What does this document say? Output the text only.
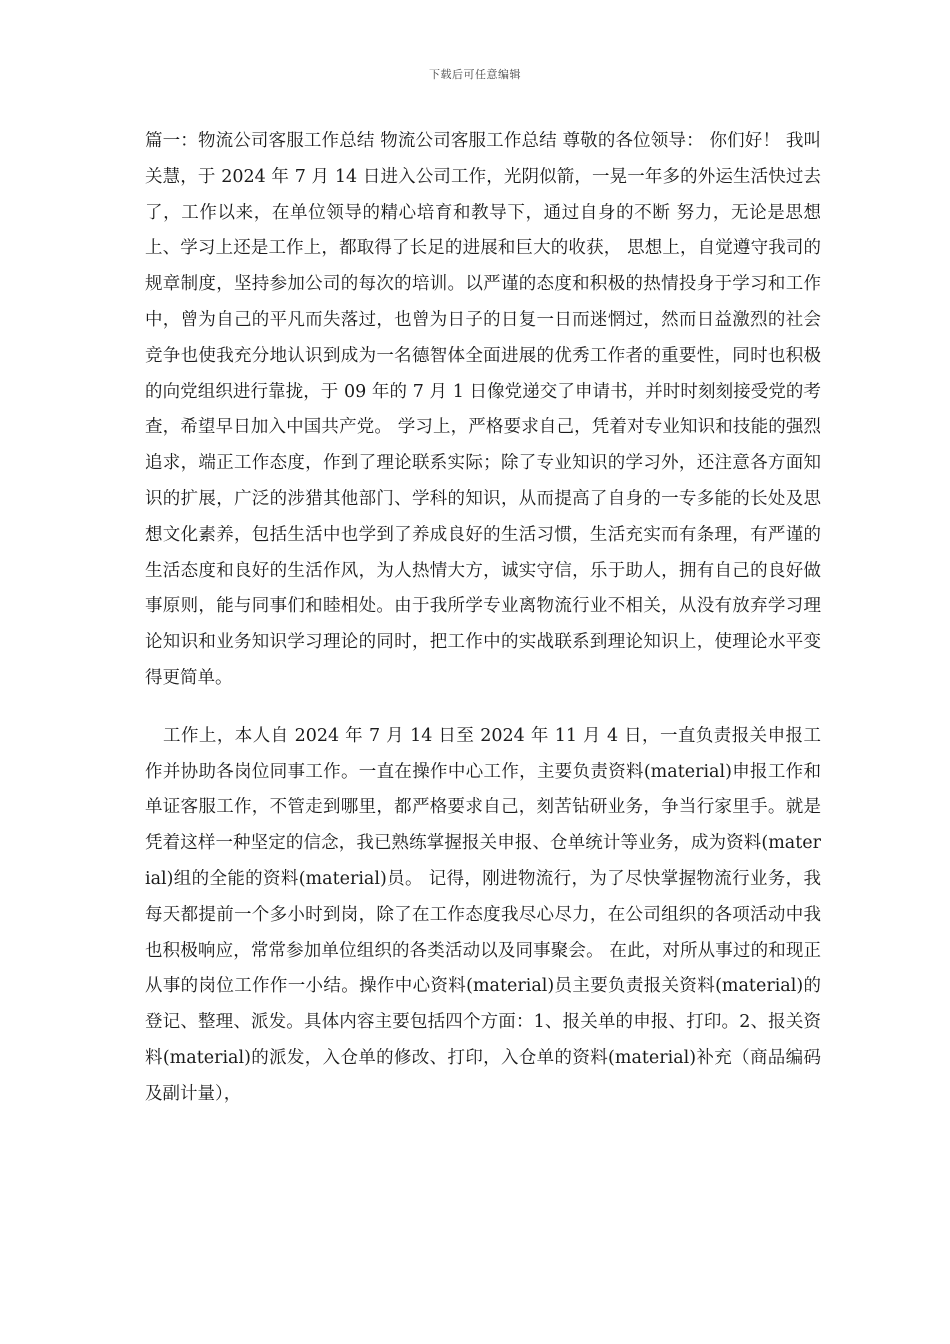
下载后可任意编辑

篇一：物流公司客服工作总结 物流公司客服工作总结 尊敬的各位领导： 你们好！ 我叫关慧，于 2024 年 7 月 14 日进入公司工作，光阴似箭，一晃一年多的外运生活快过去了，工作以来，在单位领导的精心培育和教导下，通过自身的不断 努力，无论是思想上、学习上还是工作上，都取得了长足的进展和巨大的收获， 思想上，自觉遵守我司的规章制度，坚持参加公司的每次的培训。以严谨的态度和积极的热情投身于学习和工作中，曾为自己的平凡而失落过，也曾为日子的日复一日而迷惘过，然而日益激烈的社会竞争也使我充分地认识到成为一名德智体全面进展的优秀工作者的重要性，同时也积极的向党组织进行靠拢，于 09 年的 7 月 1 日像党递交了申请书，并时时刻刻接受党的考查，希望早日加入中国共产党。 学习上，严格要求自己，凭着对专业知识和技能的强烈追求，端正工作态度，作到了理论联系实际；除了专业知识的学习外，还注意各方面知识的扩展，广泛的涉猎其他部门、学科的知识，从而提高了自身的一专多能的长处及思想文化素养，包括生活中也学到了养成良好的生活习惯，生活充实而有条理，有严谨的生活态度和良好的生活作风，为人热情大方，诚实守信，乐于助人，拥有自己的良好做事原则，能与同事们和睦相处。由于我所学专业离物流行业不相关，从没有放弃学习理论知识和业务知识学习理论的同时，把工作中的实战联系到理论知识上，使理论水平变得更简单。

工作上，本人自 2024 年 7 月 14 日至 2024 年 11 月 4 日，一直负责报关申报工作并协助各岗位同事工作。一直在操作中心工作，主要负责资料(material)申报工作和单证客服工作，不管走到哪里，都严格要求自己，刻苦钻研业务，争当行家里手。就是凭着这样一种坚定的信念，我已熟练掌握报关申报、仓单统计等业务，成为资料(material)组的全能的资料(material)员。 记得，刚进物流行，为了尽快掌握物流行业务，我每天都提前一个多小时到岗，除了在工作态度我尽心尽力，在公司组织的各项活动中我也积极响应，常常参加单位组织的各类活动以及同事聚会。 在此，对所从事过的和现正从事的岗位工作作一小结。操作中心资料(material)员主要负责报关资料(material)的登记、整理、派发。具体内容主要包括四个方面：1、报关单的申报、打印。2、报关资料(material)的派发，入仓单的修改、打印，入仓单的资料(material)补充（商品编码及副计量），
